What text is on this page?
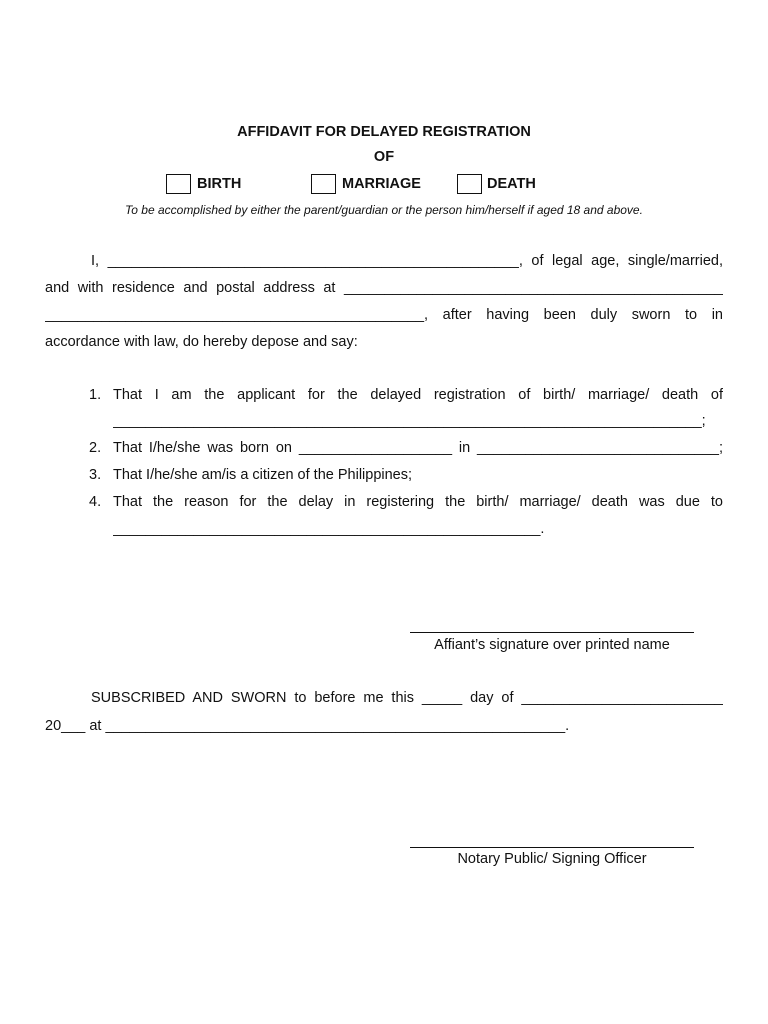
AFFIDAVIT FOR DELAYED REGISTRATION
OF
BIRTH	MARRIAGE	DEATH
To be accomplished by either the parent/guardian or the person him/herself if aged 18 and above.
I, ___________________________________________________, of legal age, single/married,
and with residence and postal address at _______________________________________________
_______________________________________________, after having been duly sworn to in
accordance with law, do hereby depose and say:
1. That I am the applicant for the delayed registration of birth/ marriage/ death of
_________________________________________________________________________;
2. That I/he/she was born on ___________________ in ______________________________;
3. That I/he/she am/is a citizen of the Philippines;
4. That the reason for the delay in registering the birth/ marriage/ death was due to
_____________________________________________________.
Affiant’s signature over printed name
SUBSCRIBED AND SWORN to before me this _____ day of _________________________
20___ at _________________________________________________________.
Notary Public/ Signing Officer
